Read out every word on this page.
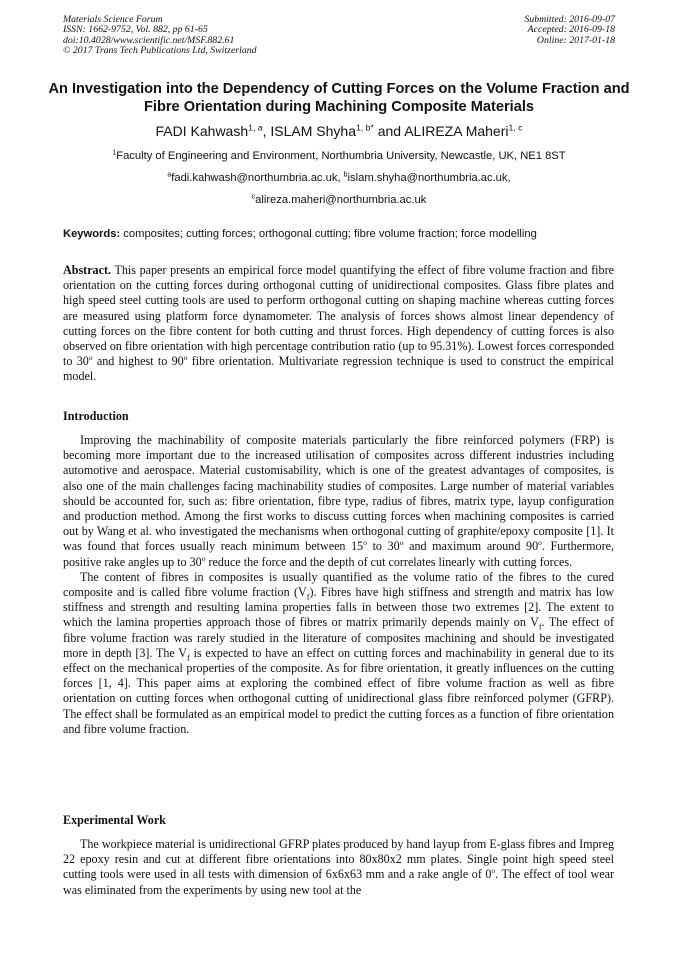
Materials Science Forum
ISSN: 1662-9752, Vol. 882, pp 61-65
doi:10.4028/www.scientific.net/MSF.882.61
© 2017 Trans Tech Publications Ltd, Switzerland
Submitted: 2016-09-07
Accepted: 2016-09-18
Online: 2017-01-18
An Investigation into the Dependency of Cutting Forces on the Volume Fraction and Fibre Orientation during Machining Composite Materials
FADI Kahwash$^{1, a}$, ISLAM Shyha$^{1, b*}$ and ALIREZA Maheri$^{1, c}$
$^1$Faculty of Engineering and Environment, Northumbria University, Newcastle, UK, NE1 8ST
$^a$fadi.kahwash@northumbria.ac.uk, $^b$islam.shyha@northumbria.ac.uk,
$^c$alireza.maheri@northumbria.ac.uk
Keywords: composites; cutting forces; orthogonal cutting; fibre volume fraction; force modelling

Abstract. This paper presents an empirical force model quantifying the effect of fibre volume fraction and fibre orientation on the cutting forces during orthogonal cutting of unidirectional composites. Glass fibre plates and high speed steel cutting tools are used to perform orthogonal cutting on shaping machine whereas cutting forces are measured using platform force dynamometer. The analysis of forces shows almost linear dependency of cutting forces on the fibre content for both cutting and thrust forces. High dependency of cutting forces is also observed on fibre orientation with high percentage contribution ratio (up to 95.31%). Lowest forces corresponded to 30$^o$ and highest to 90$^o$ fibre orientation. Multivariate regression technique is used to construct the empirical model.

Introduction

Improving the machinability of composite materials particularly the fibre reinforced polymers (FRP) is becoming more important due to the increased utilisation of composites across different industries including automotive and aerospace. Material customisability, which is one of the greatest advantages of composites, is also one of the main challenges facing machinability studies of composites. Large number of material variables should be accounted for, such as: fibre orientation, fibre type, radius of fibres, matrix type, layup configuration and production method. Among the first works to discuss cutting forces when machining composites is carried out by Wang et al. who investigated the mechanisms when orthogonal cutting of graphite/epoxy composite [1]. It was found that forces usually reach minimum between 15$^o$ to 30$^o$ and maximum around 90$^o$. Furthermore, positive rake angles up to 30$^o$ reduce the force and the depth of cut correlates linearly with cutting forces.

The content of fibres in composites is usually quantified as the volume ratio of the fibres to the cured composite and is called fibre volume fraction $(V_f)$. Fibres have high stiffness and strength and matrix has low stiffness and strength and resulting lamina properties falls in between those two extremes [2]. The extent to which the lamina properties approach those of fibres or matrix primarily depends mainly on $V_f$. The effect of fibre volume fraction was rarely studied in the literature of composites machining and should be investigated more in depth [3]. The $V_f$ is expected to have an effect on cutting forces and machinability in general due to its effect on the mechanical properties of the composite. As for fibre orientation, it greatly influences on the cutting forces [1, 4]. This paper aims at exploring the combined effect of fibre volume fraction as well as fibre orientation on cutting forces when orthogonal cutting of unidirectional glass fibre reinforced polymer (GFRP). The effect shall be formulated as an empirical model to predict the cutting forces as a function of fibre orientation and fibre volume fraction.

Experimental Work

The workpiece material is unidirectional GFRP plates produced by hand layup from E-glass fibres and Impreg 22 epoxy resin and cut at different fibre orientations into 80x80x2 mm plates. Single point high speed steel cutting tools were used in all tests with dimension of 6x6x63 mm and a rake angle of 0$^o$. The effect of tool wear was eliminated from the experiments by using new tool at the
